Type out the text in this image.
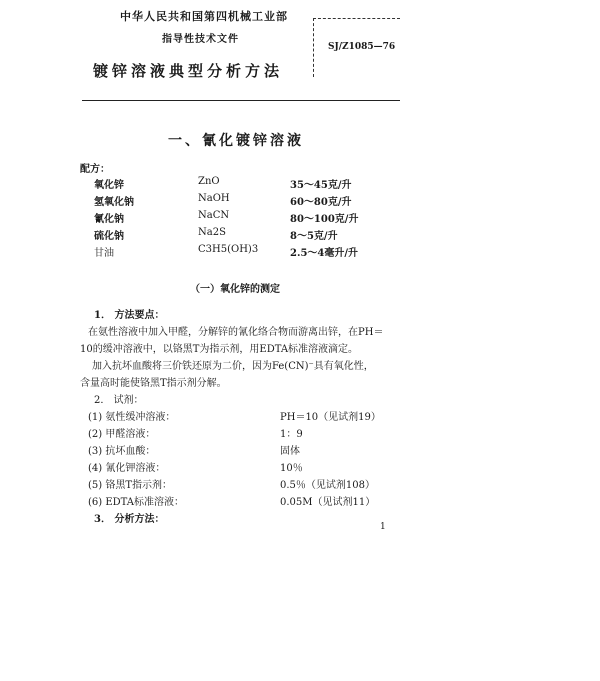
中华人民共和国第四机械工业部
指导性技术文件
镀锌溶液典型分析方法
SJ/Z1085—76
一、氰化镀锌溶液
配方：
氧化锌	ZnO	35～45克/升
氢氧化钠	NaOH	60～80克/升
氰化钠	NaCN	80～100克/升
硫化钠	Na2S	8～5克/升
甘油	C3H5(OH)3	2.5～4毫升/升
（一）氧化锌的测定
1． 方法要点：
在氨性溶液中加入甲醛，分解锌的氰化络合物而游离出锌，在PH＝
10的缓冲溶液中，以铬黑T为指示剂，用EDTA标准溶液滴定。
加入抗坏血酸将三价铁还原为二价，因为Fe(CN)⁻具有氧化性，
含量高时能使铬黑T指示剂分解。
2． 试剂：
(1) 氨性缓冲溶液：	PH＝10（见试剂19）
(2) 甲醛溶液：	1：9
(3) 抗坏血酸：	固体
(4) 氰化钾溶液：	10％
(5) 铬黑T指示剂：	0.5％（见试剂108）
(6) EDTA标准溶液：	0.05M（见试剂11）
3． 分析方法：
1
